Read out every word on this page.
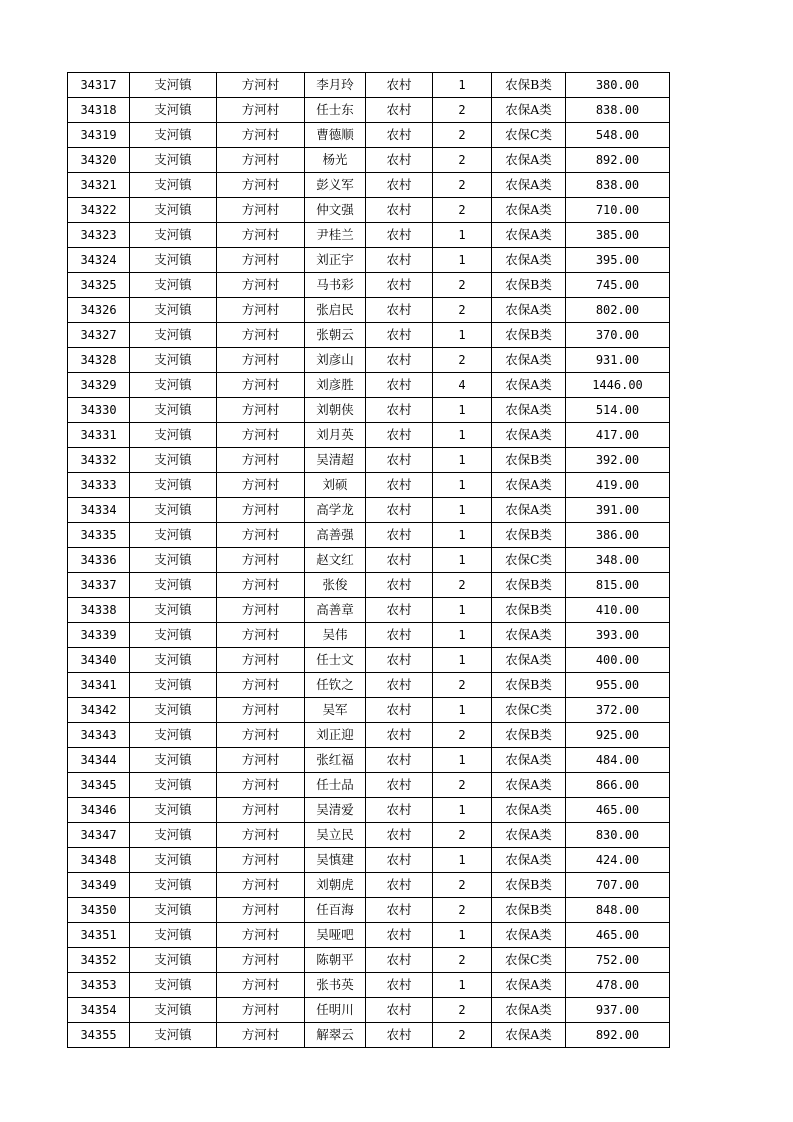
34317	支河镇	方河村	李月玲	农村	1	农保B类	380.00
34318	支河镇	方河村	任士东	农村	2	农保A类	838.00
34319	支河镇	方河村	曹德顺	农村	2	农保C类	548.00
34320	支河镇	方河村	杨光	农村	2	农保A类	892.00
34321	支河镇	方河村	彭义军	农村	2	农保A类	838.00
34322	支河镇	方河村	仲文强	农村	2	农保A类	710.00
34323	支河镇	方河村	尹桂兰	农村	1	农保A类	385.00
34324	支河镇	方河村	刘正宇	农村	1	农保A类	395.00
34325	支河镇	方河村	马书彩	农村	2	农保B类	745.00
34326	支河镇	方河村	张启民	农村	2	农保A类	802.00
34327	支河镇	方河村	张朝云	农村	1	农保B类	370.00
34328	支河镇	方河村	刘彦山	农村	2	农保A类	931.00
34329	支河镇	方河村	刘彦胜	农村	4	农保A类	1446.00
34330	支河镇	方河村	刘朝侠	农村	1	农保A类	514.00
34331	支河镇	方河村	刘月英	农村	1	农保A类	417.00
34332	支河镇	方河村	吴清超	农村	1	农保B类	392.00
34333	支河镇	方河村	刘硕	农村	1	农保A类	419.00
34334	支河镇	方河村	高学龙	农村	1	农保A类	391.00
34335	支河镇	方河村	高善强	农村	1	农保B类	386.00
34336	支河镇	方河村	赵文红	农村	1	农保C类	348.00
34337	支河镇	方河村	张俊	农村	2	农保B类	815.00
34338	支河镇	方河村	高善章	农村	1	农保B类	410.00
34339	支河镇	方河村	吴伟	农村	1	农保A类	393.00
34340	支河镇	方河村	任士文	农村	1	农保A类	400.00
34341	支河镇	方河村	任钦之	农村	2	农保B类	955.00
34342	支河镇	方河村	吴军	农村	1	农保C类	372.00
34343	支河镇	方河村	刘正迎	农村	2	农保B类	925.00
34344	支河镇	方河村	张红福	农村	1	农保A类	484.00
34345	支河镇	方河村	任士品	农村	2	农保A类	866.00
34346	支河镇	方河村	吴清爱	农村	1	农保A类	465.00
34347	支河镇	方河村	吴立民	农村	2	农保A类	830.00
34348	支河镇	方河村	吴慎建	农村	1	农保A类	424.00
34349	支河镇	方河村	刘朝虎	农村	2	农保B类	707.00
34350	支河镇	方河村	任百海	农村	2	农保B类	848.00
34351	支河镇	方河村	吴哑吧	农村	1	农保A类	465.00
34352	支河镇	方河村	陈朝平	农村	2	农保C类	752.00
34353	支河镇	方河村	张书英	农村	1	农保A类	478.00
34354	支河镇	方河村	任明川	农村	2	农保A类	937.00
34355	支河镇	方河村	解翠云	农村	2	农保A类	892.00
